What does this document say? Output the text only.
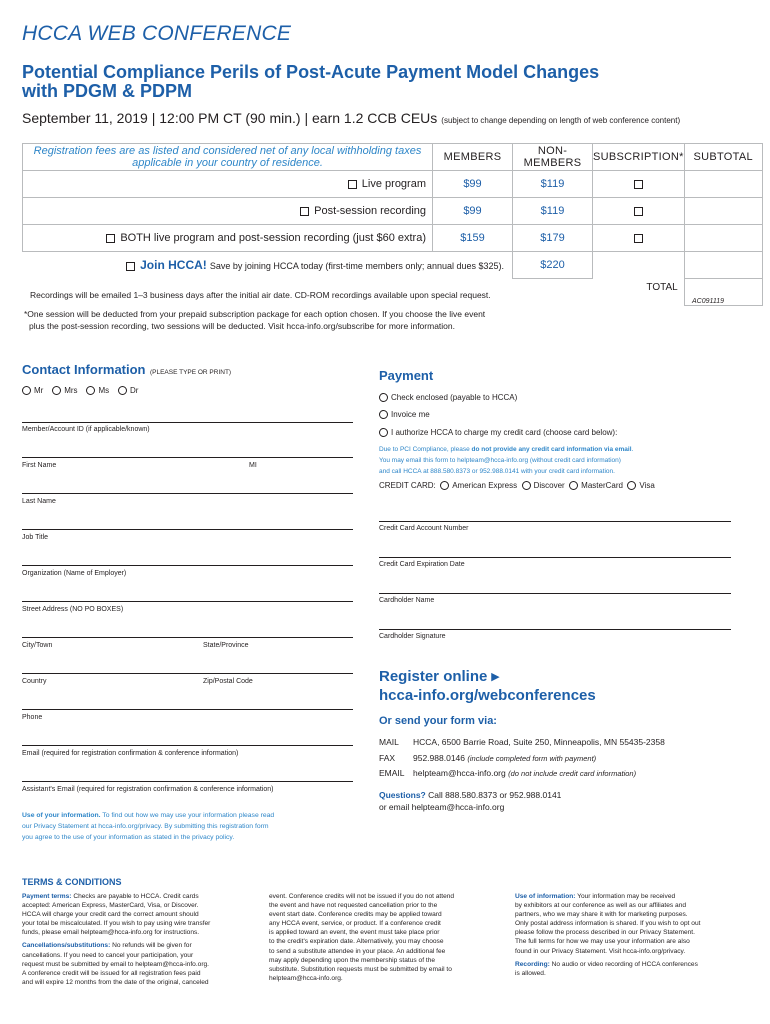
HCCA WEB CONFERENCE
Potential Compliance Perils of Post-Acute Payment Model Changes
with PDGM & PDPM
September 11, 2019 | 12:00 PM CT (90 min.) | earn 1.2 CCB CEUs (subject to change depending on length of web conference content)
Registration fees are as listed and considered net of any local withholding taxes applicable in your country of residence.	MEMBERS	NON-MEMBERS	SUBSCRIPTION*	SUBTOTAL
Live program	$99	$119		
Post-session recording	$99	$119		
BOTH live program and post-session recording (just $60 extra)	$159	$179		
Join HCCA! Save by joining HCCA today (first-time members only; annual dues $325).		$220		
			TOTAL	
Recordings will be emailed 1–3 business days after the initial air date. CD-ROM recordings available upon special request.
AC091119
*One session will be deducted from your prepaid subscription package for each option chosen. If you choose the live event
plus the post-session recording, two sessions will be deducted. Visit hcca-info.org/subscribe for more information.
Contact Information (PLEASE TYPE OR PRINT)
Mr	Mrs	Ms	Dr
Member/Account ID (if applicable/known)
First Name	MI
Last Name
Job Title
Organization (Name of Employer)
Street Address (NO PO BOXES)
City/Town	State/Province
Country	Zip/Postal Code
Phone
Email (required for registration confirmation & conference information)
Assistant's Email (required for registration confirmation & conference information)
Use of your information. To find out how we may use your information please read
our Privacy Statement at hcca-info.org/privacy. By submitting this registration form
you agree to the use of your information as stated in the privacy policy.
Payment
Check enclosed (payable to HCCA)
Invoice me
I authorize HCCA to charge my credit card (choose card below):
Due to PCI Compliance, please do not provide any credit card information via email.
You may email this form to helpteam@hcca-info.org (without credit card information)
and call HCCA at 888.580.8373 or 952.988.0141 with your credit card information.
CREDIT CARD: American Express Discover MasterCard Visa
Credit Card Account Number
Credit Card Expiration Date
Cardholder Name
Cardholder Signature
Register online ▸
hcca-info.org/webconferences
Or send your form via:
MAIL HCCA, 6500 Barrie Road, Suite 250, Minneapolis, MN 55435-2358
FAX 952.988.0146 (include completed form with payment)
EMAIL helpteam@hcca-info.org (do not include credit card information)
Questions? Call 888.580.8373 or 952.988.0141
or email helpteam@hcca-info.org
TERMS & CONDITIONS
Payment terms: Checks are payable to HCCA. Credit cards
accepted: American Express, MasterCard, Visa, or Discover.
HCCA will charge your credit card the correct amount should
your total be miscalculated. If you wish to pay using wire transfer
funds, please email helpteam@hcca-info.org for instructions.
Cancellations/substitutions: No refunds will be given for
cancellations. If you need to cancel your participation, your
request must be submitted by email to helpteam@hcca-info.org.
A conference credit will be issued for all registration fees paid
and will expire 12 months from the date of the original, canceled
event. Conference credits will not be issued if you do not attend
the event and have not requested cancellation prior to the
event start date. Conference credits may be applied toward
any HCCA event, service, or product. If a conference credit
is applied toward an event, the event must take place prior
to the credit's expiration date. Alternatively, you may choose
to send a substitute attendee in your place. An additional fee
may apply depending upon the membership status of the
substitute. Substitution requests must be submitted by email to
helpteam@hcca-info.org.
Use of information: Your information may be received
by exhibitors at our conference as well as our affiliates and
partners, who we may share it with for marketing purposes.
Only postal address information is shared. If you wish to opt out
please follow the process described in our Privacy Statement.
The full terms for how we may use your information are also
found in our Privacy Statement. Visit hcca-info.org/privacy.
Recording: No audio or video recording of HCCA conferences
is allowed.
